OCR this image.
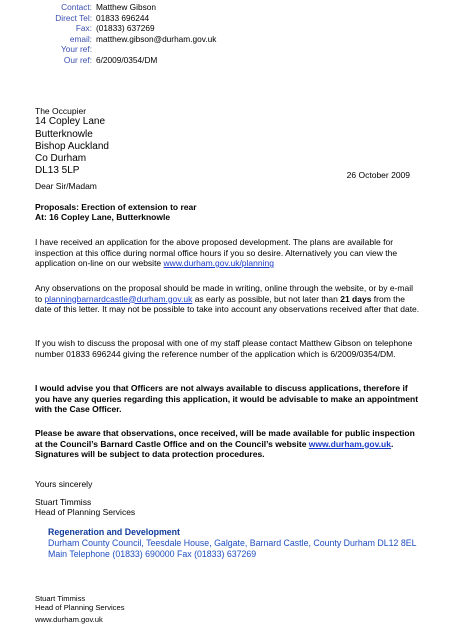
Contact: Matthew Gibson
Direct Tel: 01833 696244
Fax: (01833) 637269
email: matthew.gibson@durham.gov.uk
Your ref:
Our ref: 6/2009/0354/DM
The Occupier
14 Copley Lane
Butterknowle
Bishop Auckland
Co Durham
DL13 5LP	26 October 2009
Dear Sir/Madam
Proposals: Erection of extension to rear
At: 16 Copley Lane, Butterknowle
I have received an application for the above proposed development. The plans are available for inspection at this office during normal office hours if you so desire. Alternatively you can view the application on-line on our website www.durham.gov.uk/planning
Any observations on the proposal should be made in writing, online through the website, or by e-mail to planningbarnardcastle@durham.gov.uk as early as possible, but not later than 21 days from the date of this letter. It may not be possible to take into account any observations received after that date.
If you wish to discuss the proposal with one of my staff please contact Matthew Gibson on telephone number 01833 696244 giving the reference number of the application which is 6/2009/0354/DM.
I would advise you that Officers are not always available to discuss applications, therefore if you have any queries regarding this application, it would be advisable to make an appointment with the Case Officer.
Please be aware that observations, once received, will be made available for public inspection at the Council’s Barnard Castle Office and on the Council’s website www.durham.gov.uk. Signatures will be subject to data protection procedures.
Yours sincerely
Stuart Timmiss
Head of Planning Services
Regeneration and Development
Durham County Council, Teesdale House, Galgate, Barnard Castle, County Durham DL12 8EL
Main Telephone (01833) 690000 Fax (01833) 637269
Stuart Timmiss
Head of Planning Services
www.durham.gov.uk
